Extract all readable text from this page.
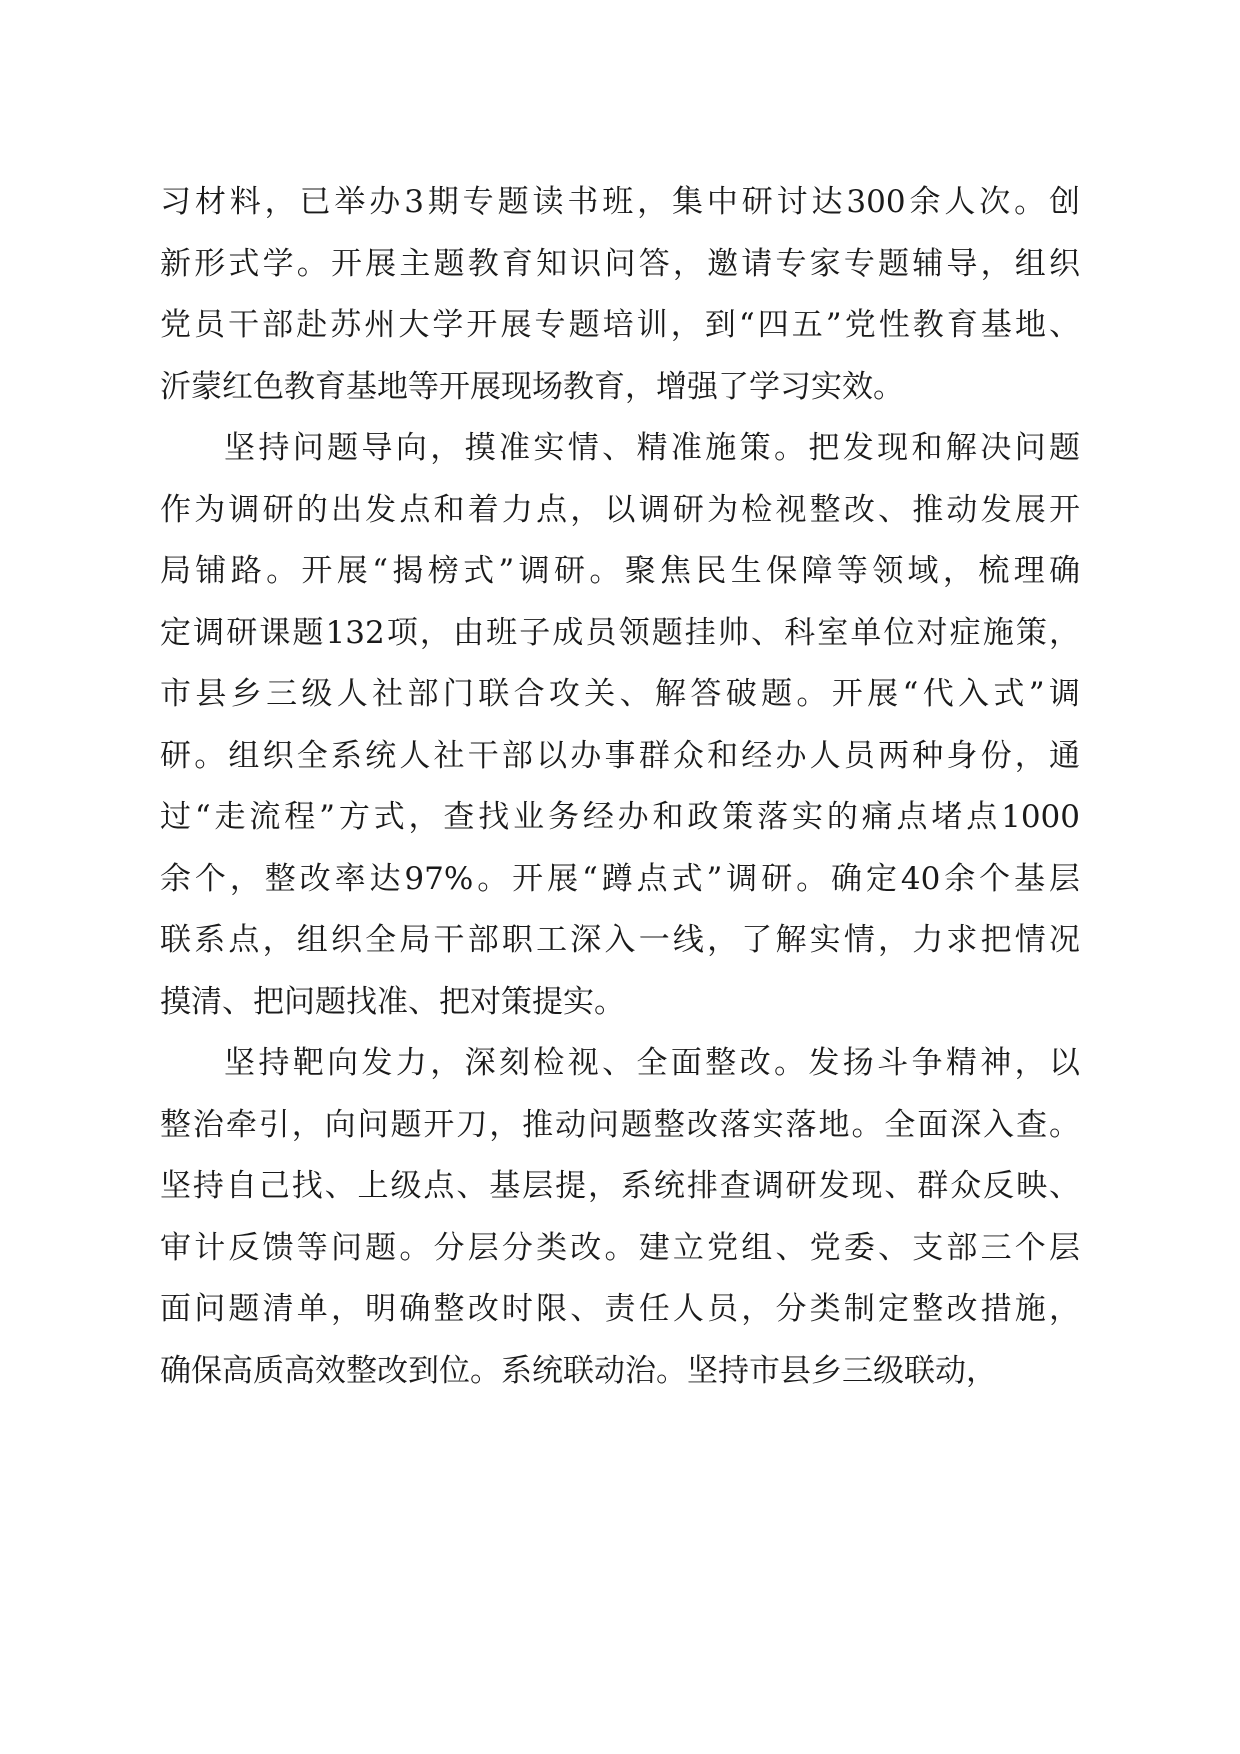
习材料，已举办3期专题读书班，集中研讨达300余人次。创
新形式学。开展主题教育知识问答，邀请专家专题辅导，组织
党员干部赴苏州大学开展专题培训，到“四五”党性教育基地、
沂蒙红色教育基地等开展现场教育，增强了学习实效。
坚持问题导向，摸准实情、精准施策。把发现和解决问题
作为调研的出发点和着力点，以调研为检视整改、推动发展开
局铺路。开展“揭榜式”调研。聚焦民生保障等领域，梳理确
定调研课题132项，由班子成员领题挂帅、科室单位对症施策，
市县乡三级人社部门联合攻关、解答破题。开展“代入式”调
研。组织全系统人社干部以办事群众和经办人员两种身份，通
过“走流程”方式，查找业务经办和政策落实的痛点堵点1000
余个，整改率达97%。开展“蹲点式”调研。确定40余个基层
联系点，组织全局干部职工深入一线，了解实情，力求把情况
摸清、把问题找准、把对策提实。
坚持靶向发力，深刻检视、全面整改。发扬斗争精神，以
整治牵引，向问题开刀，推动问题整改落实落地。全面深入查。
坚持自己找、上级点、基层提，系统排查调研发现、群众反映、
审计反馈等问题。分层分类改。建立党组、党委、支部三个层
面问题清单，明确整改时限、责任人员，分类制定整改措施，
确保高质高效整改到位。系统联动治。坚持市县乡三级联动，
